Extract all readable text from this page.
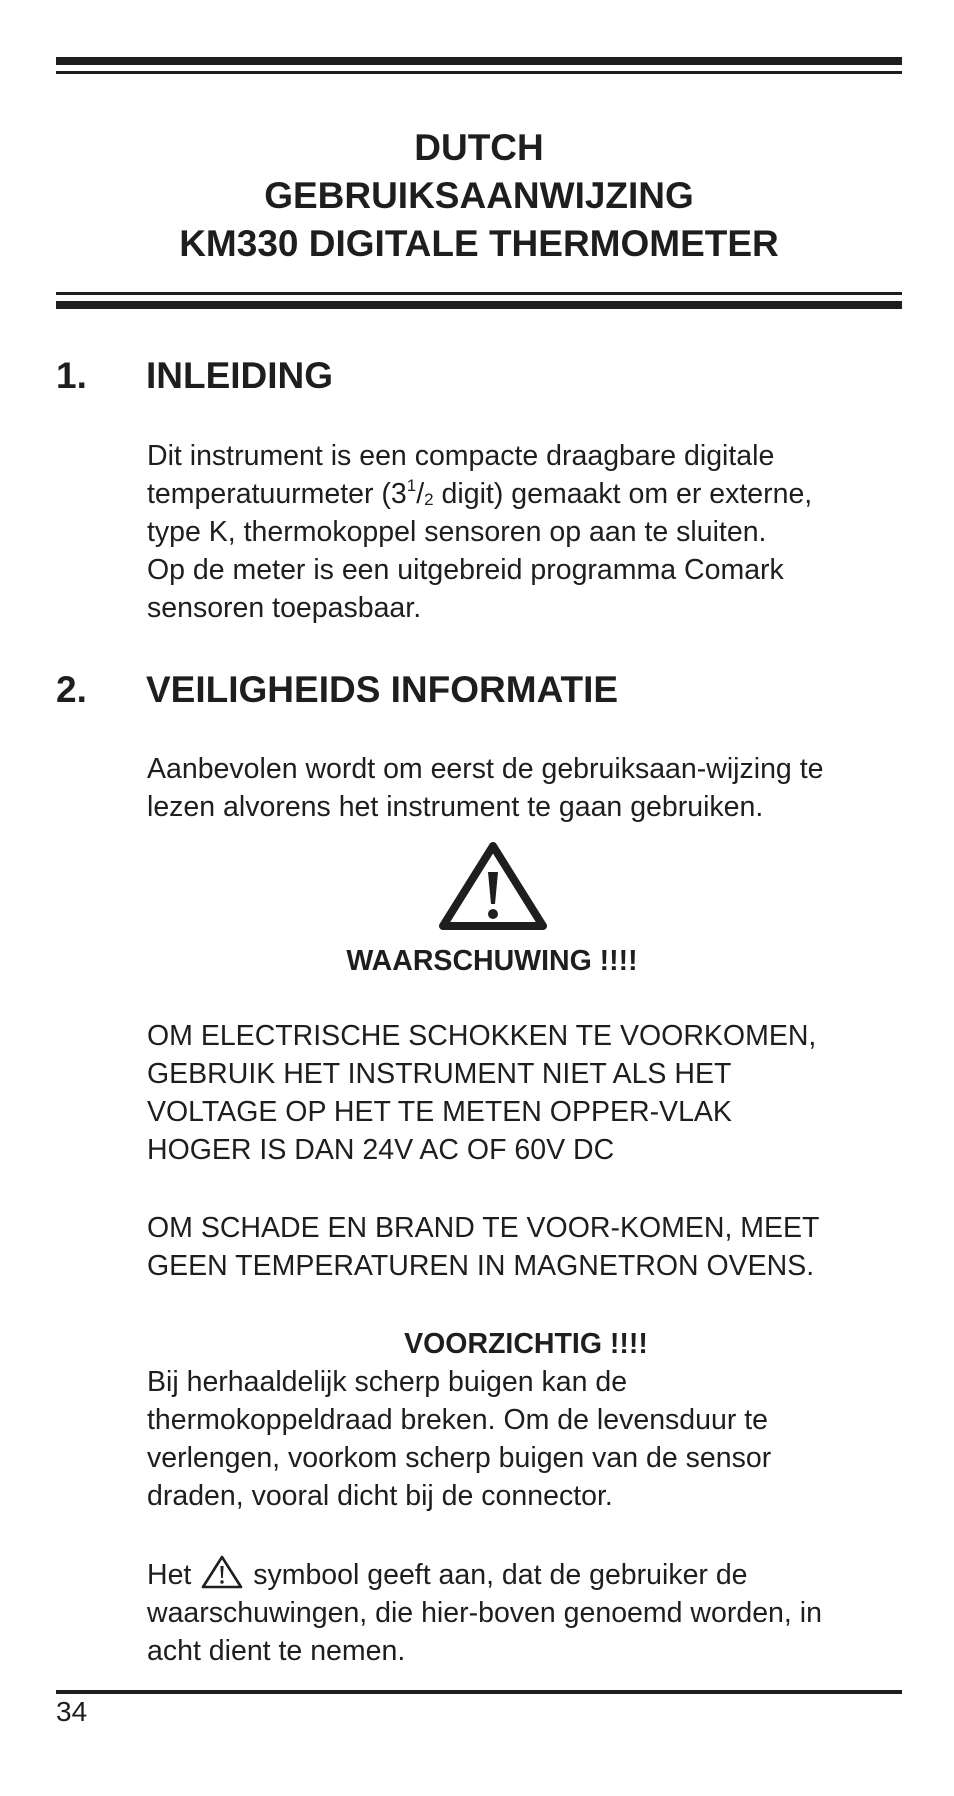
DUTCH
GEBRUIKSAANWIJZING
KM330 DIGITALE THERMOMETER
1. INLEIDING
Dit instrument is een compacte draagbare digitale
temperatuurmeter ($3^1/_2$ digit) gemaakt om er externe,
type K, thermokoppel sensoren op aan te sluiten.
Op de meter is een uitgebreid programma Comark
sensoren toepasbaar.
2. VEILIGHEIDS INFORMATIE
Aanbevolen wordt om eerst de gebruiksaan-wijzing te
lezen alvorens het instrument te gaan gebruiken.
WAARSCHUWING !!!!
OM ELECTRISCHE SCHOKKEN TE VOORKOMEN,
GEBRUIK HET INSTRUMENT NIET ALS HET
VOLTAGE OP HET TE METEN OPPER-VLAK
HOGER IS DAN 24V AC OF 60V DC
OM SCHADE EN BRAND TE VOOR-KOMEN, MEET
GEEN TEMPERATUREN IN MAGNETRON OVENS.
VOORZICHTIG !!!!
Bij herhaaldelijk scherp buigen kan de
thermokoppeldraad breken. Om de levensduur te
verlengen, voorkom scherp buigen van de sensor
draden, vooral dicht bij de connector.
Het  symbool geeft aan, dat de gebruiker de
waarschuwingen, die hier-boven genoemd worden, in
acht dient te nemen.
34
